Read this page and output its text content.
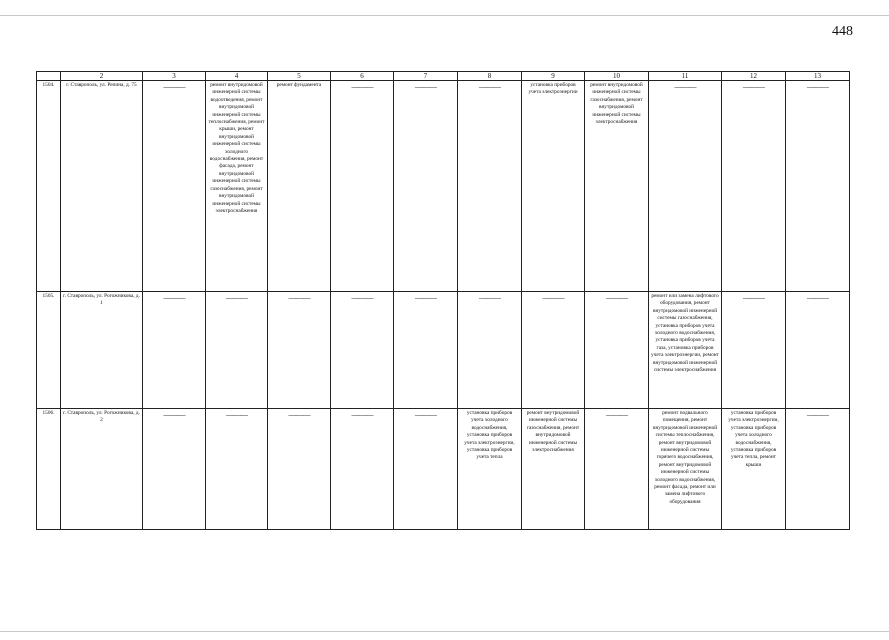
448
	2	3	4	5	6	7	8	9	10	11	12	13
1504.	г. Ставрополь, ул. Репина, д. 75	———	ремонт внутридомовой инженерной системы водоотведения, ремонт внутридомовой инженерной системы теплоснабжения, ремонт крыши, ремонт внутридомовой инженерной системы холодного водоснабжения, ремонт фасада, ремонт внутридомовой инженерной системы газоснабжения, ремонт внутридомовой инженерной системы электроснабжения	ремонт фундамента	———	———	———	установка приборов учета электроэнергии	ремонт внутридомовой инженерной системы газоснабжения, ремонт внутридомовой инженерной системы электроснабжения	———	———	———
1505.	г. Ставрополь, ул. Рогожникова, д. 1	———	———	———	———	———	———	———	———	ремонт или замена лифтового оборудования, ремонт внутридомовой инженерной системы газоснабжения, установка приборов учета холодного водоснабжения, установка приборов учета газа, установка приборов учета электроэнергии, ремонт внутридомовой инженерной системы электроснабжения	———	———
1506.	г. Ставрополь, ул. Рогожникова, д. 2	———	———	———	———	———	установка приборов учета холодного водоснабжения, установка приборов учета электроэнергии, установка приборов учета тепла	ремонт внутридомовой инженерной системы газоснабжения, ремонт внутридомовой инженерной системы электроснабжения	———	ремонт подвального помещения, ремонт внутридомовой инженерной системы теплоснабжения, ремонт внутридомовой инженерной системы горячего водоснабжения, ремонт внутридомовой инженерной системы холодного водоснабжения, ремонт фасада, ремонт или замена лифтового оборудования	установка приборов учета электроэнергии, установка приборов учета холодного водоснабжения, установка приборов учета тепла, ремонт крыши	———
